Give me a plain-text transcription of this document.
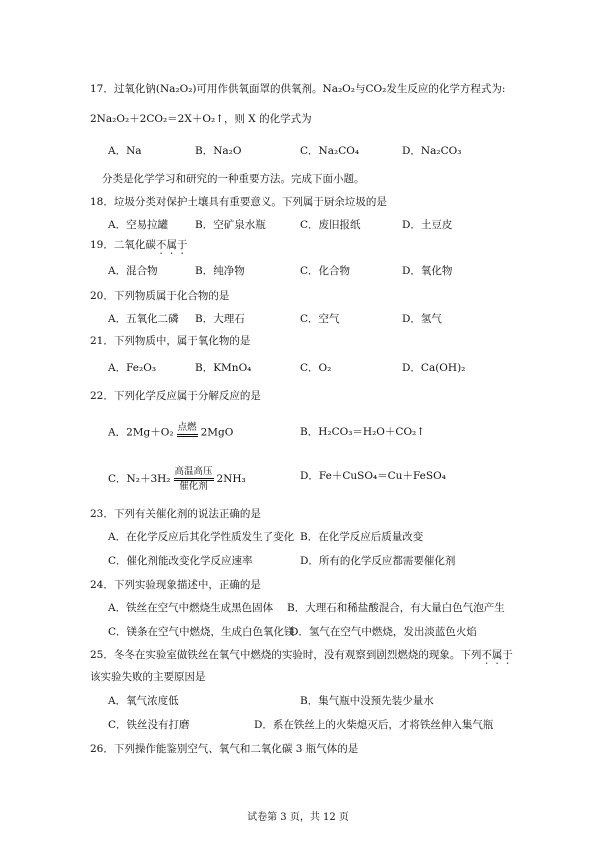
17．过氧化钠(Na₂O₂)可用作供氧面罩的供氧剂。Na₂O₂与CO₂发生反应的化学方程式为:
2Na₂O₂＋2CO₂＝2X＋O₂↑，则 X 的化学式为
A．Na	B．Na₂O	C．Na₂CO₄	D．Na₂CO₃
分类是化学学习和研究的一种重要方法。完成下面小题。
18．垃圾分类对保护土壤具有重要意义。下列属于厨余垃圾的是
A．空易拉罐	B．空矿泉水瓶	C．废旧报纸	D．土豆皮
19．二氧化碳不属于
A．混合物	B．纯净物	C．化合物	D．氧化物
20．下列物质属于化合物的是
A．五氧化二磷 B．大理石	C．空气	D．氢气
21．下列物质中，属于氧化物的是
A．Fe₂O₃	B．KMnO₄	C．O₂	D．Ca(OH)₂
22．下列化学反应属于分解反应的是
A．2Mg＋O₂ 点燃 2MgO	B．H₂CO₃＝H₂O＋CO₂↑
C．N₂＋3H₂
高温高压
催化剂
2NH₃	D．Fe＋CuSO₄＝Cu＋FeSO₄
23．下列有关催化剂的说法正确的是
A．在化学反应后其化学性质发生了变化 B．在化学反应后质量改变
C．催化剂能改变化学反应速率	D．所有的化学反应都需要催化剂
24．下列实验现象描述中，正确的是
A．铁丝在空气中燃烧生成黑色固体 B．大理石和稀盐酸混合，有大量白色气泡产生
C．镁条在空气中燃烧，生成白色氧化镁
D．氢气在空气中燃烧，发出淡蓝色火焰
25．冬冬在实验室做铁丝在氧气中燃烧的实验时，没有观察到剧烈燃烧的现象。下列不属于
该实验失败的主要原因是
A．氧气浓度低	B．集气瓶中没预先装少量水
C．铁丝没有打磨	D．系在铁丝上的火柴熄灭后，才将铁丝伸入集气瓶
26．下列操作能鉴别空气、氧气和二氧化碳 3 瓶气体的是
试卷第 3 页，共 12 页
